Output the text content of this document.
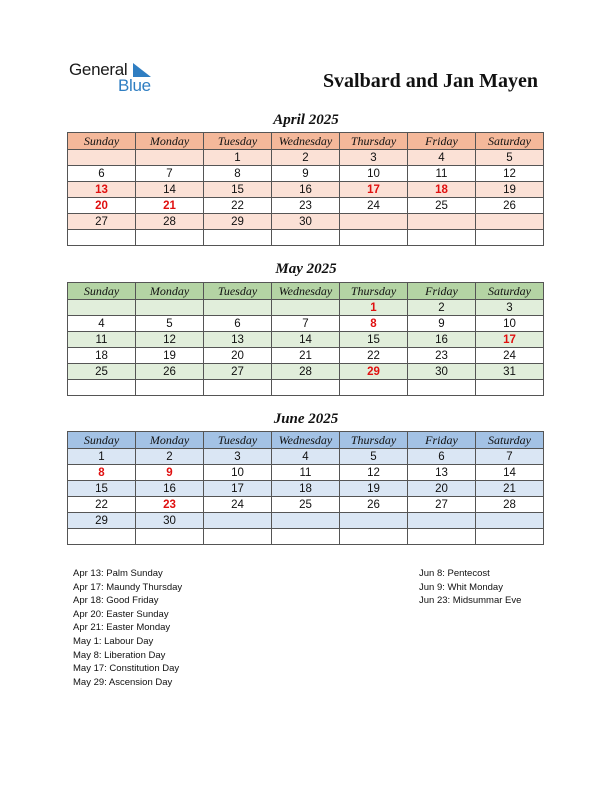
General
Blue	Svalbard and Jan Mayen
April 2025
Sunday	Monday	Tuesday	Wednesday	Thursday	Friday	Saturday
		1	2	3	4	5
6	7	8	9	10	11	12
13	14	15	16	17	18	19
20	21	22	23	24	25	26
27	28	29	30			

May 2025
Sunday	Monday	Tuesday	Wednesday	Thursday	Friday	Saturday
				1	2	3
4	5	6	7	8	9	10
11	12	13	14	15	16	17
18	19	20	21	22	23	24
25	26	27	28	29	30	31

June 2025
Sunday	Monday	Tuesday	Wednesday	Thursday	Friday	Saturday
1	2	3	4	5	6	7
8	9	10	11	12	13	14
15	16	17	18	19	20	21
22	23	24	25	26	27	28
29	30					

Apr 13: Palm Sunday
Apr 17: Maundy Thursday
Apr 18: Good Friday
Apr 20: Easter Sunday
Apr 21: Easter Monday
May 1: Labour Day
May 8: Liberation Day
May 17: Constitution Day
May 29: Ascension Day
Jun 8: Pentecost
Jun 9: Whit Monday
Jun 23: Midsummar Eve
